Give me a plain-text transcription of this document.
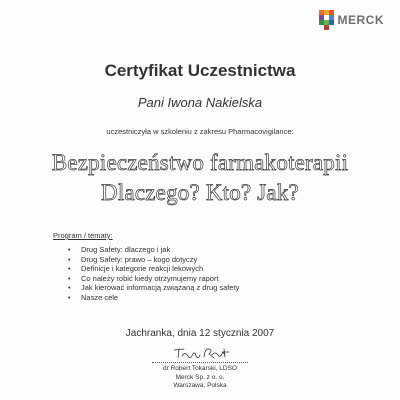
MERCK
Certyfikat Uczestnictwa
Pani Iwona Nakielska
uczestniczyła w szkoleniu z zakresu Pharmacovigilance:
Bezpieczeństwo farmakoterapii
Dlaczego? Kto? Jak?
Program / tematy:
• Drug Safety: dlaczego i jak
• Drug Safety: prawo – kogo dotyczy
• Definicje i kategorie reakcji lekowych
• Co należy robić kiedy otrzymujemy raport
• Jak kierować informacją związaną z drug safety
• Nasze cele
Jachranka, dnia 12 stycznia 2007
dr Robert Tokarski, LDSO
Merck Sp. z o. o.
Warszawa, Polska
